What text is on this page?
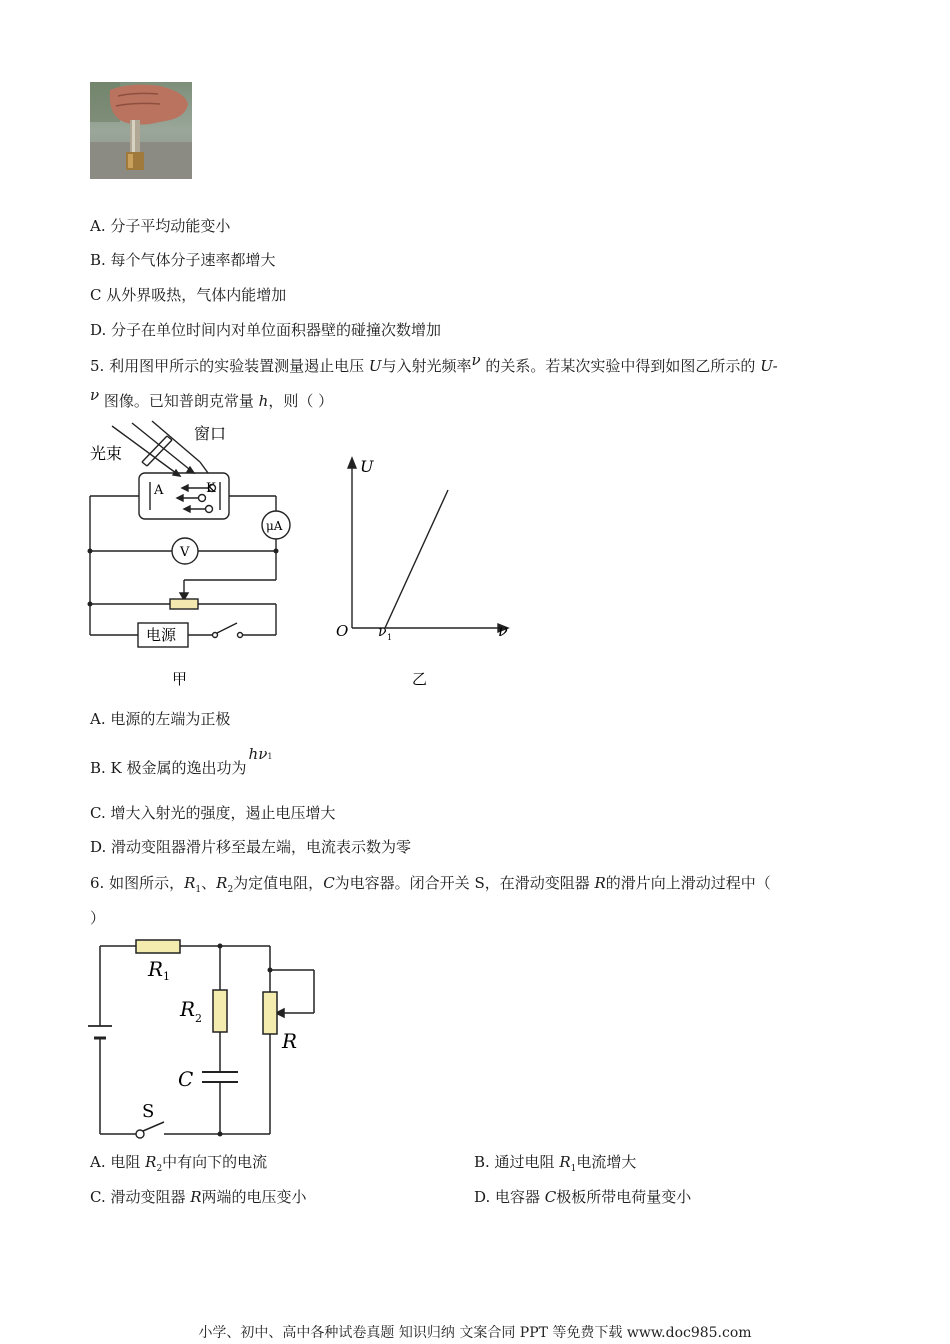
A. 分子平均动能变小
B. 每个气体分子速率都增大
C 从外界吸热，气体内能增加
D. 分子在单位时间内对单位面积器壁的碰撞次数增加
5. 利用图甲所示的实验装置测量遏止电压 U与入射光频率ν 的关系。若某次实验中得到如图乙所示的 U-
ν 图像。已知普朗克常量 h，则（ ）
窗口
光束
A	K
μA
V
电源
甲
U
ν
O ν 1
乙
A. 电源的左端为正极
B. K 极金属的逸出功为hν1
C. 增大入射光的强度，遏止电压增大
D. 滑动变阻器滑片移至最左端，电流表示数为零
6. 如图所示，$R_1$、$R_2$为定值电阻，C为电容器。闭合开关 S，在滑动变阻器 R的滑片向上滑动过程中（
）
R 1
R 2
C
R
S
A. 电阻 $R_2$中有向下的电流	B. 通过电阻 $R_1$电流增大
C. 滑动变阻器 R两端的电压变小	D. 电容器 C极板所带电荷量变小
小学、初中、高中各种试卷真题 知识归纳 文案合同 PPT 等免费下载 www.doc985.com
